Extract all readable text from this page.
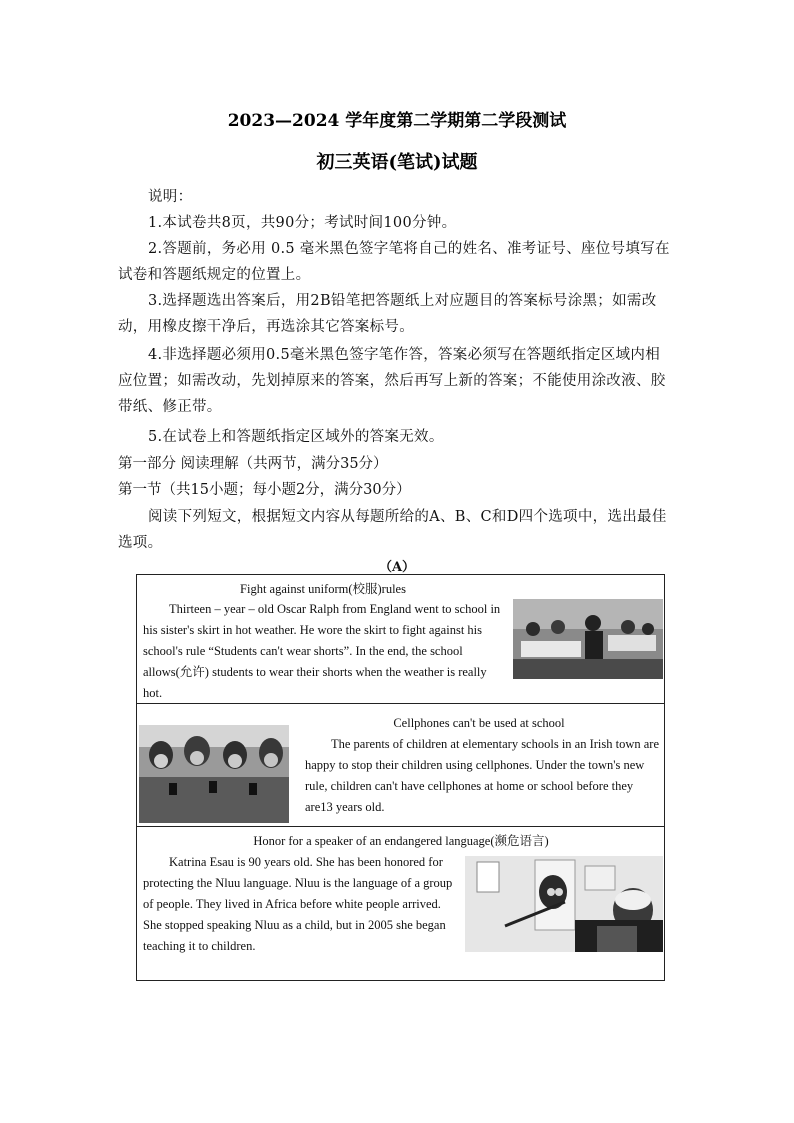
2023—2024 学年度第二学期第二学段测试
初三英语(笔试)试题
说明：
1.本试卷共8页，共90分；考试时间100分钟。
2.答题前，务必用 0.5 毫米黑色签字笔将自己的姓名、准考证号、座位号填写在试卷和答题纸规定的位置上。
3.选择题选出答案后，用2B铅笔把答题纸上对应题目的答案标号涂黑；如需改动，用橡皮擦干净后，再选涂其它答案标号。
4.非选择题必须用0.5毫米黑色签字笔作答，答案必须写在答题纸指定区域内相应位置；如需改动，先划掉原来的答案，然后再写上新的答案；不能使用涂改液、胶带纸、修正带。
5.在试卷上和答题纸指定区域外的答案无效。
第一部分 阅读理解（共两节，满分35分）
第一节（共15小题；每小题2分，满分30分）
阅读下列短文，根据短文内容从每题所给的A、B、C和D四个选项中，选出最佳选项。
（A）
Fight against uniform(校服)rules
Thirteen – year – old Oscar Ralph from England went to school in his sister's skirt in hot weather. He wore the skirt to fight against his school's rule “Students can't wear shorts”. In the end, the school allows(允许) students to wear their shorts when the weather is really hot.
Cellphones can't be used at school
The parents of children at elementary schools in an Irish town are happy to stop their children using cellphones. Under the town's new rule, children can't have cellphones at home or school before they are13 years old.
Honor for a speaker of an endangered language(濒危语言)
Katrina Esau is 90 years old. She has been honored for protecting the Nluu language. Nluu is the language of a group of people. They lived in Africa before white people arrived. She stopped speaking Nluu as a child, but in 2005 she began teaching it to children.
